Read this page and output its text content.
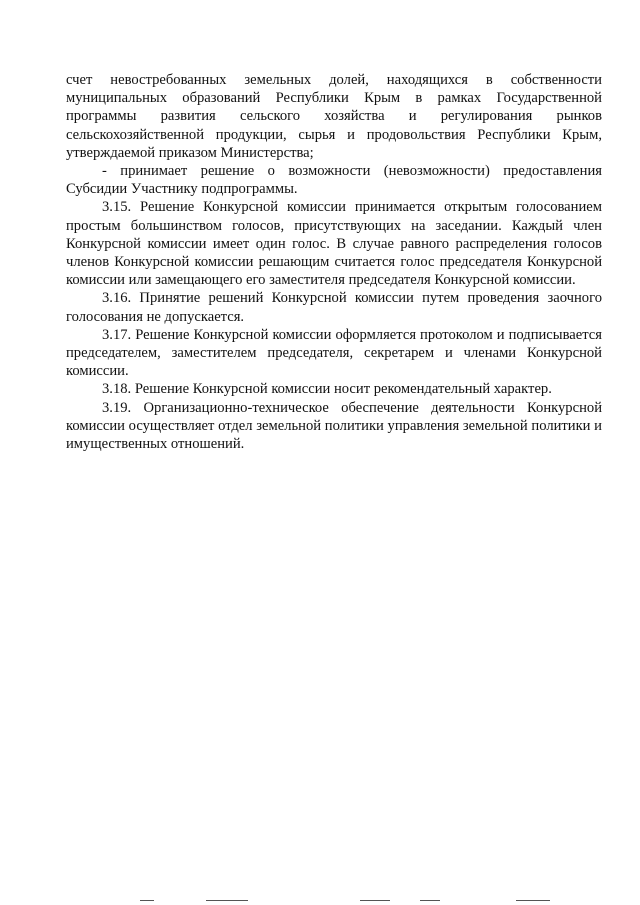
счет невостребованных земельных долей, находящихся в собственности муниципальных образований Республики Крым в рамках Государственной программы развития сельского хозяйства и регулирования рынков сельскохозяйственной продукции, сырья и продовольствия Республики Крым, утверждаемой приказом Министерства;

- принимает решение о возможности (невозможности) предоставления Субсидии Участнику подпрограммы.

3.15. Решение Конкурсной комиссии принимается открытым голосованием простым большинством голосов, присутствующих на заседании. Каждый член Конкурсной комиссии имеет один голос. В случае равного распределения голосов членов Конкурсной комиссии решающим считается голос председателя Конкурсной комиссии или замещающего его заместителя председателя Конкурсной комиссии.

3.16. Принятие решений Конкурсной комиссии путем проведения заочного голосования не допускается.

3.17. Решение Конкурсной комиссии оформляется протоколом и подписывается председателем, заместителем председателя, секретарем и членами Конкурсной комиссии.

3.18. Решение Конкурсной комиссии носит рекомендательный характер.

3.19. Организационно-техническое обеспечение деятельности Конкурсной комиссии осуществляет отдел земельной политики управления земельной политики и имущественных отношений.
